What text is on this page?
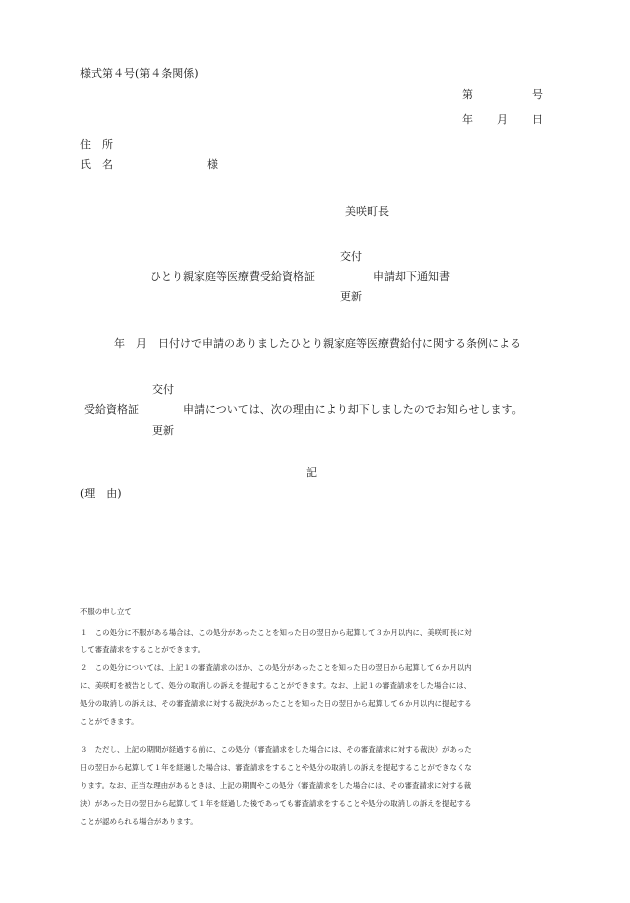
様式第４号(第４条関係)
第	号
年 月 日
住　所
氏　名	様
美咲町長
交付
ひとり親家庭等医療費受給資格証	申請却下通知書
更新
年　月　日付けで申請のありましたひとり親家庭等医療費給付に関する条例による
交付
受給資格証	申請については、次の理由により却下しましたのでお知らせします。
更新
記
(理　由)
不服の申し立て
１　この処分に不服がある場合は、この処分があったことを知った日の翌日から起算して３か月以内に、美咲町長に対
して審査請求をすることができます。
２　この処分については、上記１の審査請求のほか、この処分があったことを知った日の翌日から起算して６か月以内
に、美咲町を被告として、処分の取消しの訴えを提起することができます。なお、上記１の審査請求をした場合には、
処分の取消しの訴えは、その審査請求に対する裁決があったことを知った日の翌日から起算して６か月以内に提起する
ことができます。
３　ただし、上記の期間が経過する前に、この処分（審査請求をした場合には、その審査請求に対する裁決）があった
日の翌日から起算して１年を経過した場合は、審査請求をすることや処分の取消しの訴えを提起することができなくな
ります。なお、正当な理由があるときは、上記の期間やこの処分（審査請求をした場合には、その審査請求に対する裁
決）があった日の翌日から起算して１年を経過した後であっても審査請求をすることや処分の取消しの訴えを提起する
ことが認められる場合があります。
